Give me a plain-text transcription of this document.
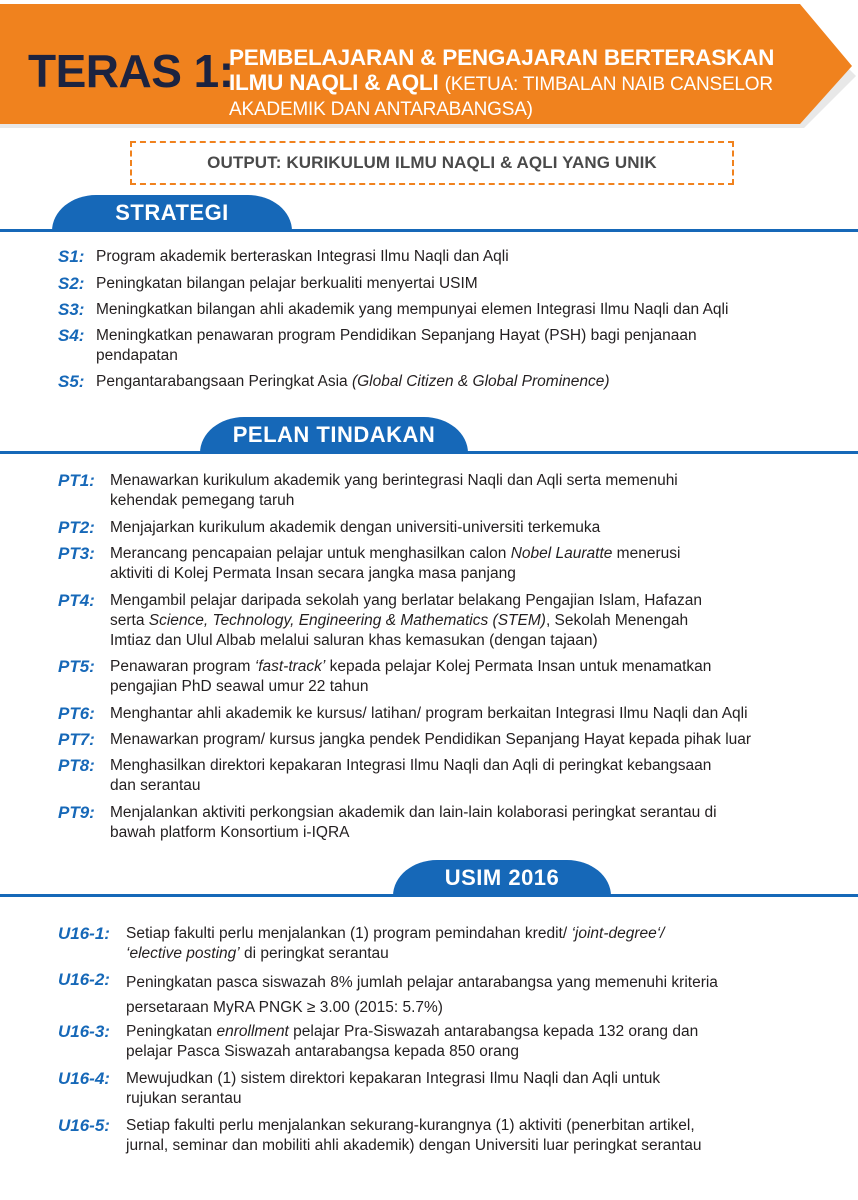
TERAS 1:
PEMBELAJARAN & PENGAJARAN BERTERASKAN
ILMU NAQLI & AQLI (KETUA: TIMBALAN NAIB CANSELOR
AKADEMIK DAN ANTARABANGSA)
OUTPUT: KURIKULUM ILMU NAQLI & AQLI YANG UNIK
STRATEGI
S1: Program akademik berteraskan Integrasi Ilmu Naqli dan Aqli
S2: Peningkatan bilangan pelajar berkualiti menyertai USIM
S3: Meningkatkan bilangan ahli akademik yang mempunyai elemen Integrasi Ilmu Naqli dan Aqli
S4: Meningkatkan penawaran program Pendidikan Sepanjang Hayat (PSH) bagi penjanaan
pendapatan
S5: Pengantarabangsaan Peringkat Asia (Global Citizen & Global Prominence)
PELAN TINDAKAN
PT1: Menawarkan kurikulum akademik yang berintegrasi Naqli dan Aqli serta memenuhi
kehendak pemegang taruh
PT2: Menjajarkan kurikulum akademik dengan universiti-universiti terkemuka
PT3: Merancang pencapaian pelajar untuk menghasilkan calon Nobel Lauratte menerusi
aktiviti di Kolej Permata Insan secara jangka masa panjang
PT4: Mengambil pelajar daripada sekolah yang berlatar belakang Pengajian Islam, Hafazan
serta Science, Technology, Engineering & Mathematics (STEM), Sekolah Menengah
Imtiaz dan Ulul Albab melalui saluran khas kemasukan (dengan tajaan)
PT5: Penawaran program ‘fast-track’ kepada pelajar Kolej Permata Insan untuk menamatkan
pengajian PhD seawal umur 22 tahun
PT6: Menghantar ahli akademik ke kursus/ latihan/ program berkaitan Integrasi Ilmu Naqli dan Aqli
PT7: Menawarkan program/ kursus jangka pendek Pendidikan Sepanjang Hayat kepada pihak luar
PT8: Menghasilkan direktori kepakaran Integrasi Ilmu Naqli dan Aqli di peringkat kebangsaan
dan serantau
PT9: Menjalankan aktiviti perkongsian akademik dan lain-lain kolaborasi peringkat serantau di
bawah platform Konsortium i-IQRA
USIM 2016
U16-1:	Setiap fakulti perlu menjalankan (1) program pemindahan kredit/ ‘joint-degree‘/
‘elective posting’ di peringkat serantau
U16-2:	Peningkatan pasca siswazah 8% jumlah pelajar antarabangsa yang memenuhi kriteria
persetaraan MyRA PNGK ≥ 3.00 (2015: 5.7%)
U16-3:	Peningkatan enrollment pelajar Pra-Siswazah antarabangsa kepada 132 orang dan
pelajar Pasca Siswazah antarabangsa kepada 850 orang
U16-4:	Mewujudkan (1) sistem direktori kepakaran Integrasi Ilmu Naqli dan Aqli untuk
rujukan serantau
U16-5:	Setiap fakulti perlu menjalankan sekurang-kurangnya (1) aktiviti (penerbitan artikel,
jurnal, seminar dan mobiliti ahli akademik) dengan Universiti luar peringkat serantau
